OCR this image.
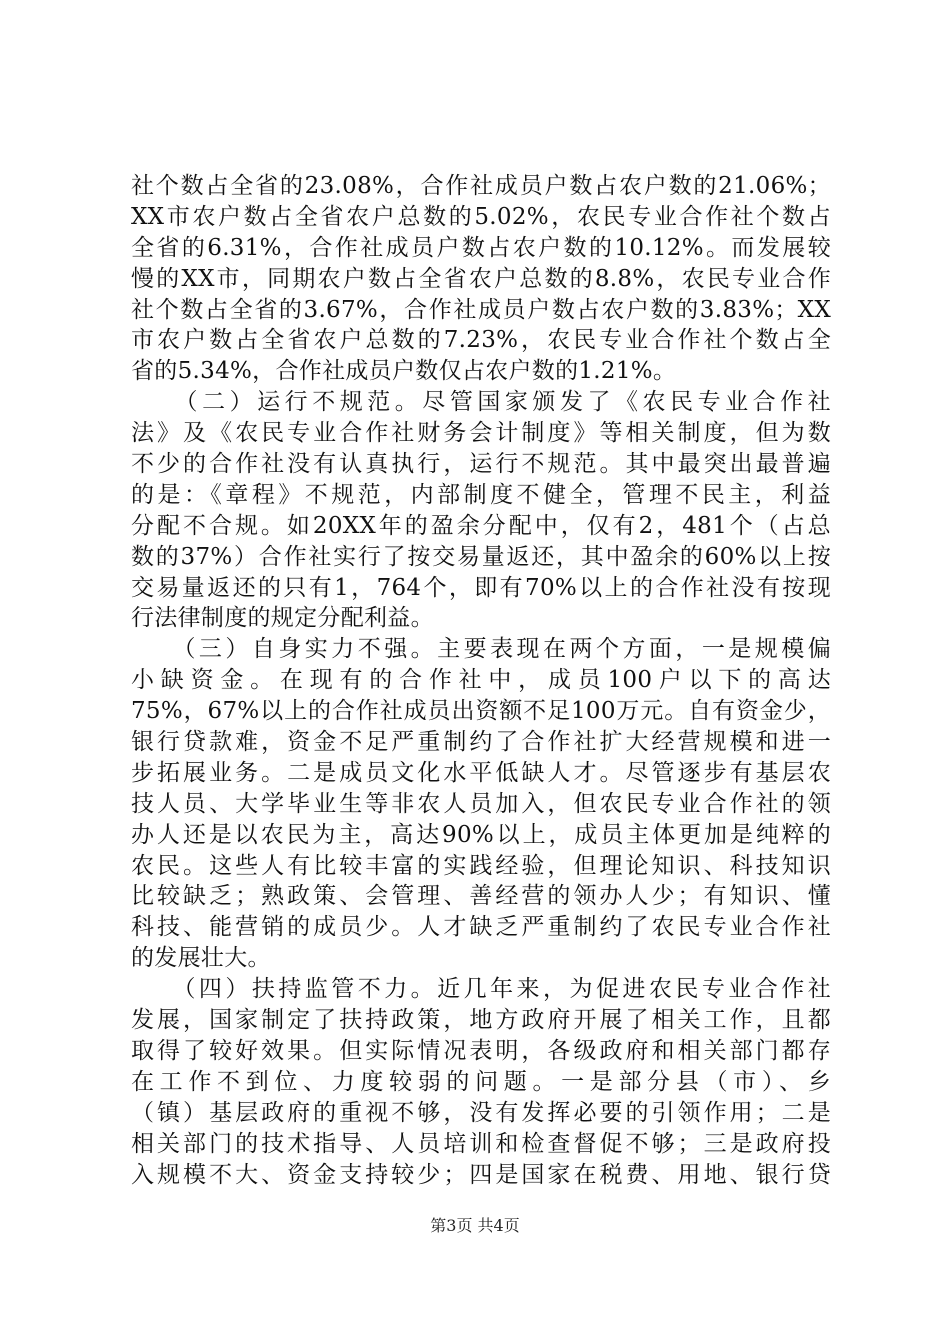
社个数占全省的23.08%，合作社成员户数占农户数的21.06%；
XX市农户数占全省农户总数的5.02%，农民专业合作社个数占
全省的6.31%，合作社成员户数占农户数的10.12%。而发展较
慢的XX市，同期农户数占全省农户总数的8.8%，农民专业合作
社个数占全省的3.67%，合作社成员户数占农户数的3.83%；XX
市农户数占全省农户总数的7.23%，农民专业合作社个数占全
省的5.34%，合作社成员户数仅占农户数的1.21%。
　　（二）运行不规范。尽管国家颁发了《农民专业合作社
法》及《农民专业合作社财务会计制度》等相关制度，但为数
不少的合作社没有认真执行，运行不规范。其中最突出最普遍
的是：《章程》不规范，内部制度不健全，管理不民主，利益
分配不合规。如20XX年的盈余分配中，仅有2，481个（占总
数的37%）合作社实行了按交易量返还，其中盈余的60%以上按
交易量返还的只有1，764个，即有70%以上的合作社没有按现
行法律制度的规定分配利益。
　　（三）自身实力不强。主要表现在两个方面，一是规模偏
小缺资金。在现有的合作社中，成员100户以下的高达
75%，67%以上的合作社成员出资额不足100万元。自有资金少，
银行贷款难，资金不足严重制约了合作社扩大经营规模和进一
步拓展业务。二是成员文化水平低缺人才。尽管逐步有基层农
技人员、大学毕业生等非农人员加入，但农民专业合作社的领
办人还是以农民为主，高达90%以上，成员主体更加是纯粹的
农民。这些人有比较丰富的实践经验，但理论知识、科技知识
比较缺乏；熟政策、会管理、善经营的领办人少；有知识、懂
科技、能营销的成员少。人才缺乏严重制约了农民专业合作社
的发展壮大。
　　（四）扶持监管不力。近几年来，为促进农民专业合作社
发展，国家制定了扶持政策，地方政府开展了相关工作，且都
取得了较好效果。但实际情况表明，各级政府和相关部门都存
在工作不到位、力度较弱的问题。一是部分县（市）、乡
（镇）基层政府的重视不够，没有发挥必要的引领作用；二是
相关部门的技术指导、人员培训和检查督促不够；三是政府投
入规模不大、资金支持较少；四是国家在税费、用地、银行贷
第3页 共4页
